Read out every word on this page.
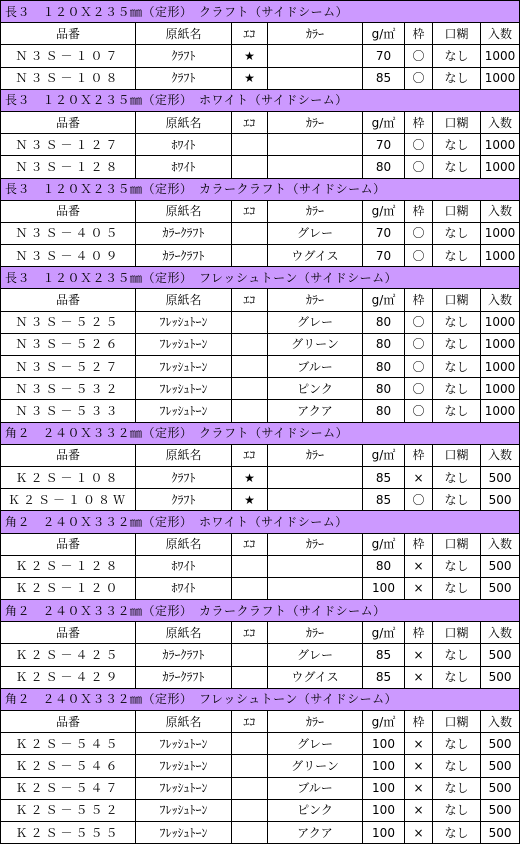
長３　１２０Ｘ２３５㎜（定形）　クラフト（サイドシーム）							
品番	原紙名	ｴｺ	ｶﾗｰ	g/㎡	枠	口糊	入数
Ｎ３Ｓ－１０７	ｸﾗﾌﾄ	★		70	〇	なし	1000
Ｎ３Ｓ－１０８	ｸﾗﾌﾄ	★		85	〇	なし	1000
長３　１２０Ｘ２３５㎜（定形）　ホワイト（サイドシーム）							
品番	原紙名	ｴｺ	ｶﾗｰ	g/㎡	枠	口糊	入数
Ｎ３Ｓ－１２７	ﾎﾜｲﾄ			70	〇	なし	1000
Ｎ３Ｓ－１２８	ﾎﾜｲﾄ			80	〇	なし	1000
長３　１２０Ｘ２３５㎜（定形）　カラークラフト（サイドシーム）							
品番	原紙名	ｴｺ	ｶﾗｰ	g/㎡	枠	口糊	入数
Ｎ３Ｓ－４０５	ｶﾗｰｸﾗﾌﾄ		グレー	70	〇	なし	1000
Ｎ３Ｓ－４０９	ｶﾗｰｸﾗﾌﾄ		ウグイス	70	〇	なし	1000
長３　１２０Ｘ２３５㎜（定形）　フレッシュトーン（サイドシーム）							
品番	原紙名	ｴｺ	ｶﾗｰ	g/㎡	枠	口糊	入数
Ｎ３Ｓ－５２５	ﾌﾚｯｼｭﾄｰﾝ		グレー	80	〇	なし	1000
Ｎ３Ｓ－５２６	ﾌﾚｯｼｭﾄｰﾝ		グリーン	80	〇	なし	1000
Ｎ３Ｓ－５２７	ﾌﾚｯｼｭﾄｰﾝ		ブルー	80	〇	なし	1000
Ｎ３Ｓ－５３２	ﾌﾚｯｼｭﾄｰﾝ		ピンク	80	〇	なし	1000
Ｎ３Ｓ－５３３	ﾌﾚｯｼｭﾄｰﾝ		アクア	80	〇	なし	1000
角２　２４０Ｘ３３２㎜（定形）　クラフト（サイドシーム）							
品番	原紙名	ｴｺ	ｶﾗｰ	g/㎡	枠	口糊	入数
Ｋ２Ｓ－１０８	ｸﾗﾌﾄ	★		85	×	なし	500
Ｋ２Ｓ－１０８Ｗ	ｸﾗﾌﾄ	★		85	〇	なし	500
角２　２４０Ｘ３３２㎜（定形）　ホワイト（サイドシーム）							
品番	原紙名	ｴｺ	ｶﾗｰ	g/㎡	枠	口糊	入数
Ｋ２Ｓ－１２８	ﾎﾜｲﾄ			80	×	なし	500
Ｋ２Ｓ－１２０	ﾎﾜｲﾄ			100	×	なし	500
角２　２４０Ｘ３３２㎜（定形）　カラークラフト（サイドシーム）							
品番	原紙名	ｴｺ	ｶﾗｰ	g/㎡	枠	口糊	入数
Ｋ２Ｓ－４２５	ｶﾗｰｸﾗﾌﾄ		グレー	85	×	なし	500
Ｋ２Ｓ－４２９	ｶﾗｰｸﾗﾌﾄ		ウグイス	85	×	なし	500
角２　２４０Ｘ３３２㎜（定形）　フレッシュトーン（サイドシーム）							
品番	原紙名	ｴｺ	ｶﾗｰ	g/㎡	枠	口糊	入数
Ｋ２Ｓ－５４５	ﾌﾚｯｼｭﾄｰﾝ		グレー	100	×	なし	500
Ｋ２Ｓ－５４６	ﾌﾚｯｼｭﾄｰﾝ		グリーン	100	×	なし	500
Ｋ２Ｓ－５４７	ﾌﾚｯｼｭﾄｰﾝ		ブルー	100	×	なし	500
Ｋ２Ｓ－５５２	ﾌﾚｯｼｭﾄｰﾝ		ピンク	100	×	なし	500
Ｋ２Ｓ－５５５	ﾌﾚｯｼｭﾄｰﾝ		アクア	100	×	なし	500
